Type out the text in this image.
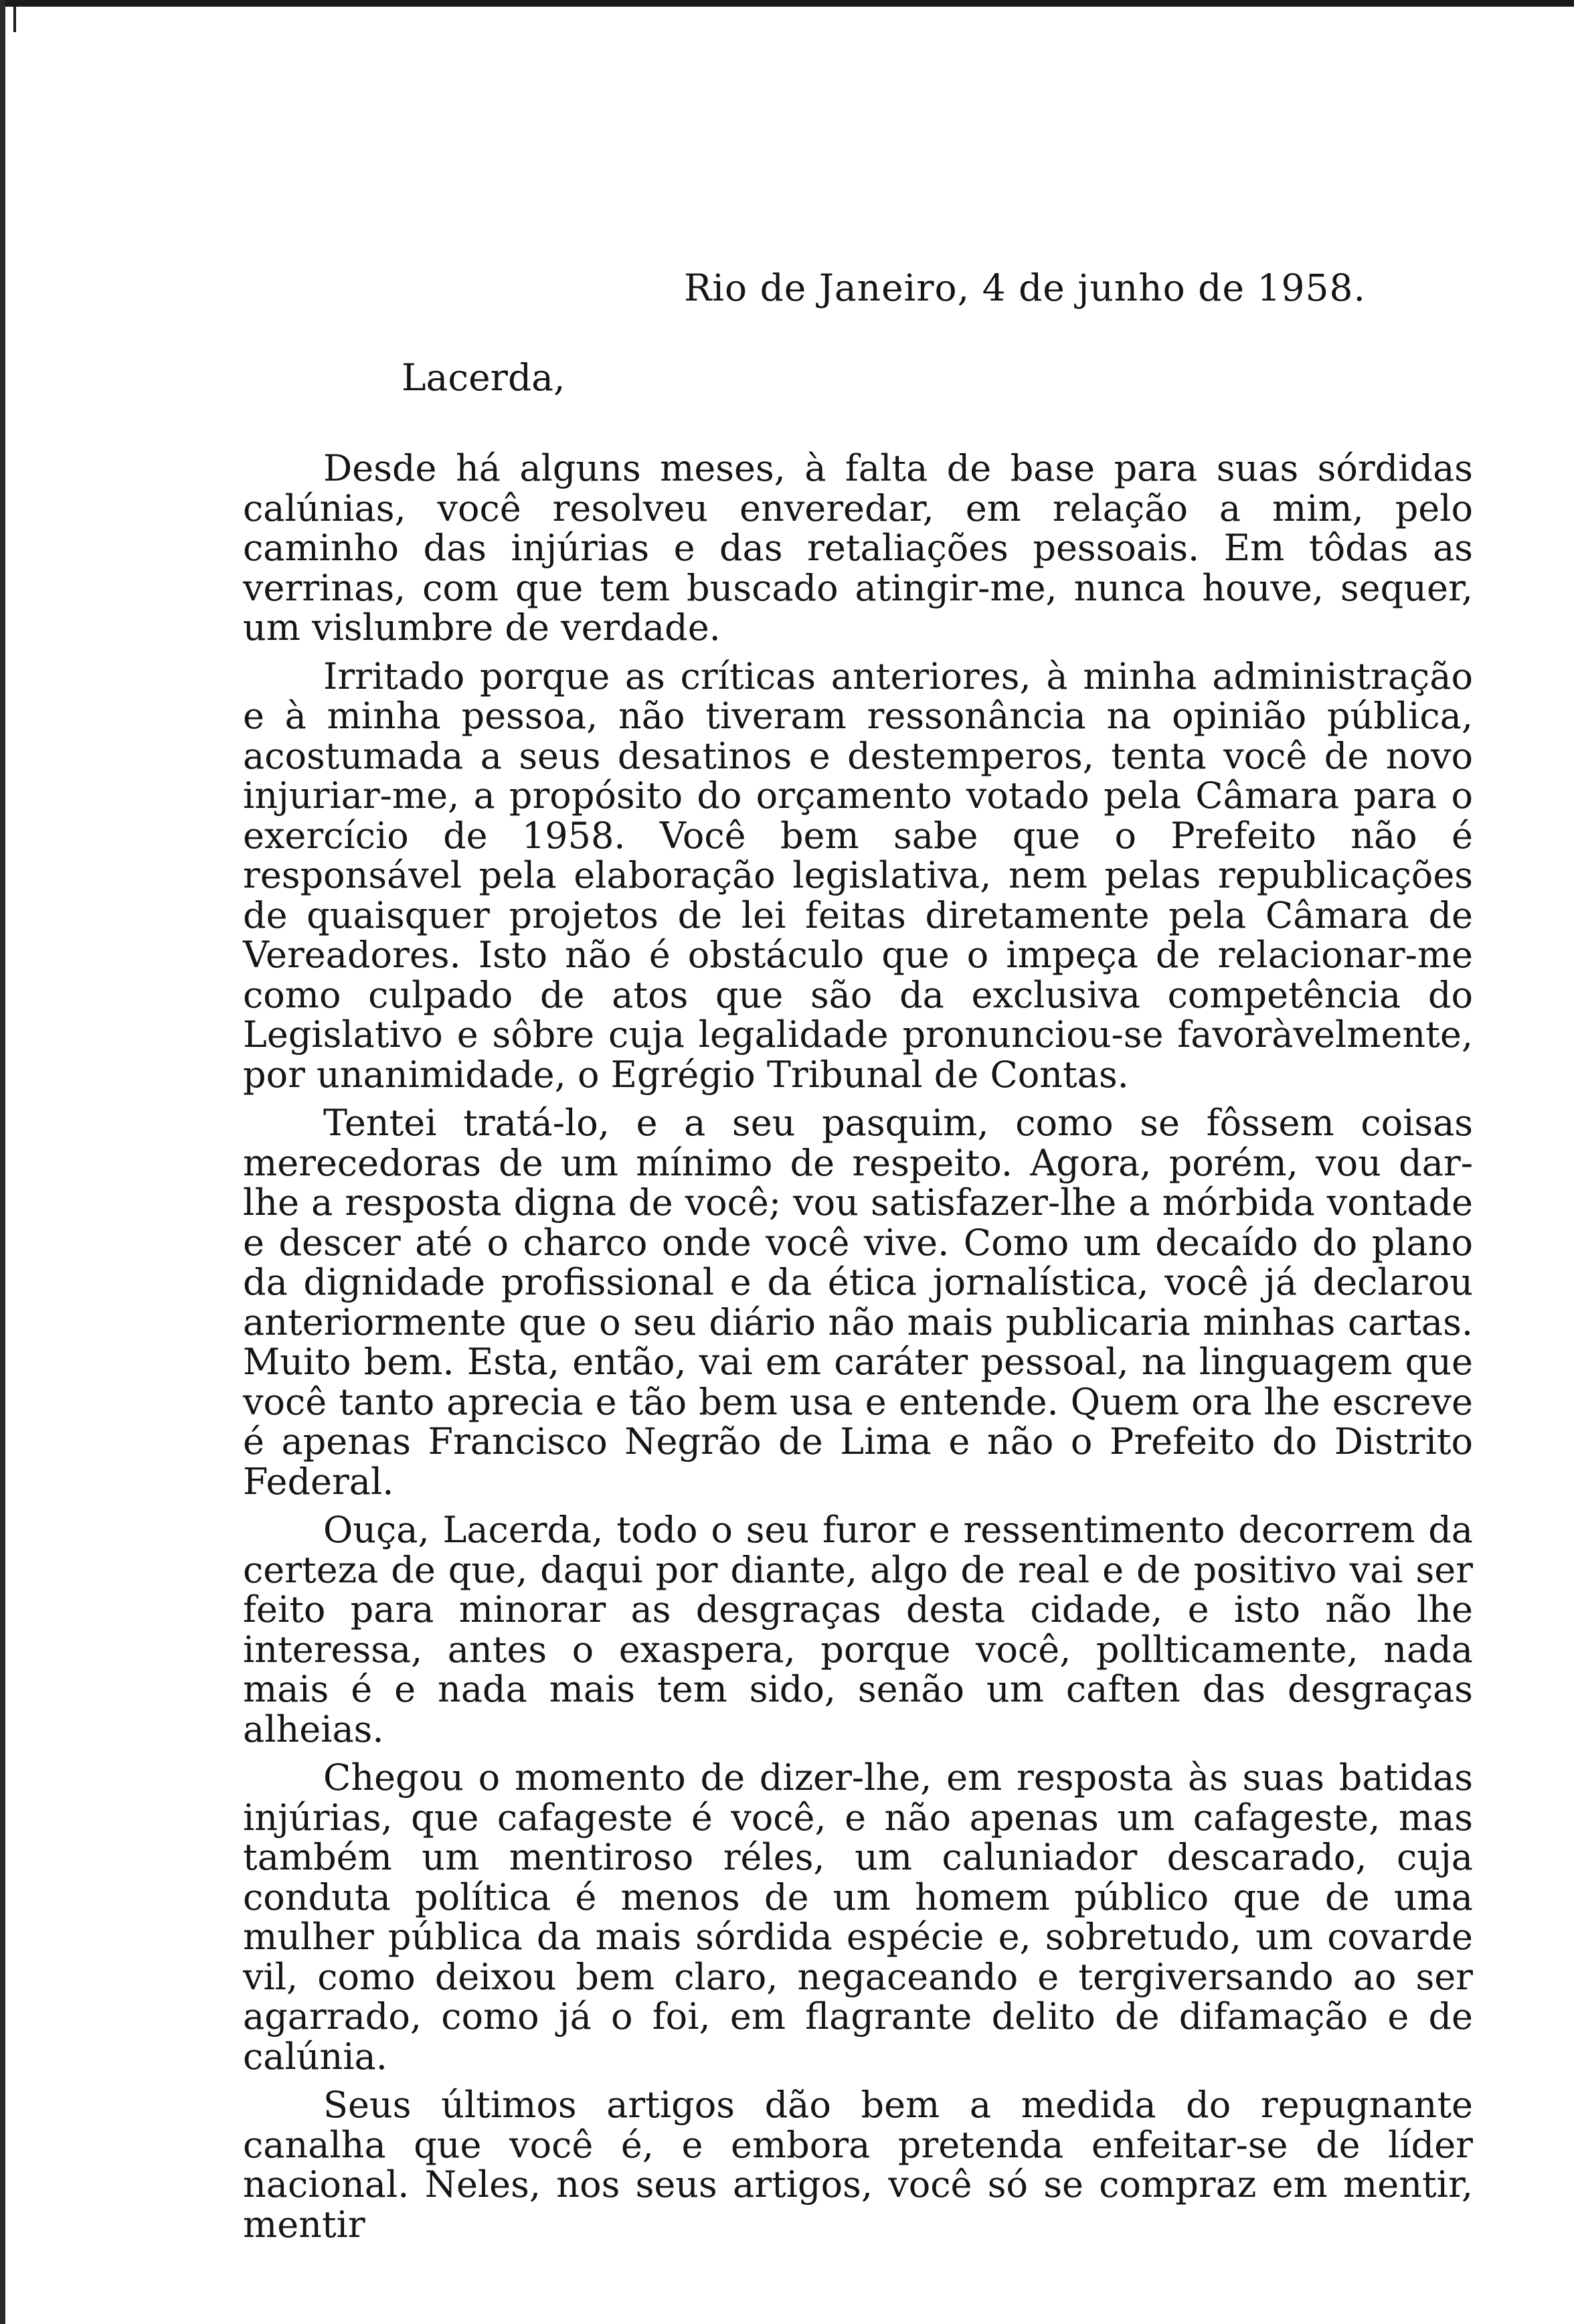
Rio de Janeiro, 4 de junho de 1958.
Lacerda,

Desde há alguns meses, à falta de base para suas sórdidas calúnias, você resolveu enveredar, em relação a mim, pelo caminho das injúrias e das retaliações pessoais. Em tôdas as verrinas, com que tem buscado atingir-me, nunca houve, sequer, um vislumbre de verdade.

Irritado porque as críticas anteriores, à minha administração e à minha pessoa, não tiveram ressonância na opinião pública, acostumada a seus desatinos e destemperos, tenta você de novo injuriar-me, a propósito do orçamento votado pela Câmara para o exercício de 1958. Você bem sabe que o Prefeito não é responsável pela elaboração legislativa, nem pelas republicações de quaisquer projetos de lei feitas diretamente pela Câmara de Vereadores. Isto não é obstáculo que o impeça de relacionar-me como culpado de atos que são da exclusiva competência do Legislativo e sôbre cuja legalidade pronunciou-se favoràvelmente, por unanimidade, o Egrégio Tribunal de Contas.

Tentei tratá-lo, e a seu pasquim, como se fôssem coisas merecedoras de um mínimo de respeito. Agora, porém, vou dar-lhe a resposta digna de você; vou satisfazer-lhe a mórbida vontade e descer até o charco onde você vive. Como um decaído do plano da dignidade profissional e da ética jornalística, você já declarou anteriormente que o seu diário não mais publicaria minhas cartas. Muito bem. Esta, então, vai em caráter pessoal, na linguagem que você tanto aprecia e tão bem usa e entende. Quem ora lhe escreve é apenas Francisco Negrão de Lima e não o Prefeito do Distrito Federal.

Ouça, Lacerda, todo o seu furor e ressentimento decorrem da certeza de que, daqui por diante, algo de real e de positivo vai ser feito para minorar as desgraças desta cidade, e isto não lhe interessa, antes o exaspera, porque você, pollticamente, nada mais é e nada mais tem sido, senão um caften das desgraças alheias.

Chegou o momento de dizer-lhe, em resposta às suas batidas injúrias, que cafageste é você, e não apenas um cafageste, mas também um mentiroso réles, um caluniador descarado, cuja conduta política é menos de um homem público que de uma mulher pública da mais sórdida espécie e, sobretudo, um covarde vil, como deixou bem claro, negaceando e tergiversando ao ser agarrado, como já o foi, em flagrante delito de difamação e de calúnia.

Seus últimos artigos dão bem a medida do repugnante canalha que você é, e embora pretenda enfeitar-se de líder nacional. Neles, nos seus artigos, você só se compraz em mentir, mentir
